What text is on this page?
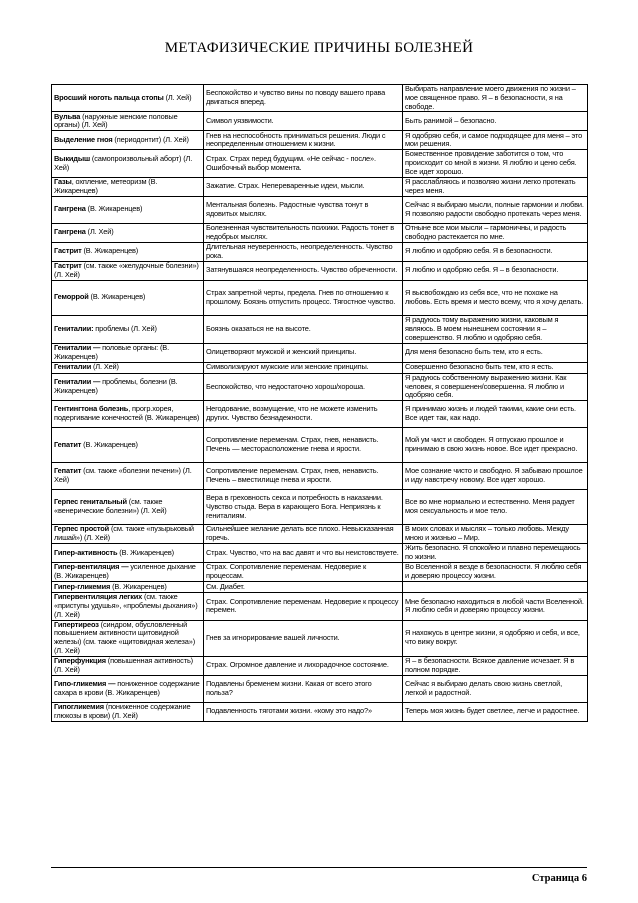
МЕТАФИЗИЧЕСКИЕ ПРИЧИНЫ БОЛЕЗНЕЙ
Вросший ноготь пальца стопы (Л. Хей)	Беспокойство и чувство вины по поводу вашего права двигаться вперед.	Выбирать направление моего движения по жизни – мое священное право. Я – в безопасности, я на свободе.
Вульва (наружные женские половые органы) (Л. Хей)	Символ уязвимости.	Быть ранимой – безопасно.
Выделение гноя (периодонтит) (Л. Хей)	Гнев на неспособность приниматься решения. Люди с неопределенным отношением к жизни.	Я одобряю себя, и самое подходящее для меня – это мои решения.
Выкидыш (самопроизвольный аборт) (Л. Хей)	Страх. Страх перед будущим. «Не сейчас - после». Ошибочный выбор момента.	Божественное провидение заботится о том, что происходит со мной в жизни. Я люблю и ценю себя. Все идет хорошо.
Газы, охпление, метеоризм (В. Жикаренцев)	Зажатие. Страх. Непереваренные идеи, мысли.	Я расслабляюсь и позволяю жизни легко протекать через меня.
Гангрена (В. Жикаренцев)	Ментальная болезнь. Радостные чувства тонут в ядовитых мыслях.	Сейчас я выбираю мысли, полные гармонии и любви. Я позволяю радости свободно протекать через меня.
Гангрена (Л. Хей)	Болезненная чувствительность психики. Радость тонет в недобрых мыслях.	Отныне все мои мысли – гармоничны, и радость свободно растекается по мне.
Гастрит (В. Жикаренцев)	Длительная неуверенность, неопределенность. Чувство рока.	Я люблю и одобряю себя. Я в безопасности.
Гастрит (см. также «желудочные болезни») (Л. Хей)	Затянувшаяся неопределенность. Чувство обреченности.	Я люблю и одобряю себя. Я – в безопасности.
Геморрой (В. Жикаренцев)	Страх запретной черты, предела. Гнев по отношению к прошлому. Боязнь отпустить процесс. Тягостное чувство.	Я высвобождаю из себя все, что не похоже на любовь. Есть время и место всему, что я хочу делать.
Гениталии: проблемы (Л. Хей)	Боязнь оказаться не на высоте.	Я радуюсь тому выражению жизни, каковым я являюсь. В моем нынешнем состоянии я – совершенство. Я люблю и одобряю себя.
Гениталии — половые органы: (В. Жикаренцев)	Олицетворяют мужской и женский принципы.	Для меня безопасно быть тем, кто я есть.
Гениталии (Л. Хей)	Символизируют мужские или женские принципы.	Совершенно безопасно быть тем, кто я есть.
Гениталии — проблемы, болезни (В. Жикаренцев)	Беспокойство, что недостаточно хорош/хороша.	Я радуюсь собственному выражению жизни. Как человек, я совершенен/совершенна. Я люблю и одобряю себя.
Гентингтона болезнь, прогр.хорея, подергивание конечностей (В. Жикаренцев)	Негодование, возмущение, что не можете изменить других. Чувство безнадежности.	Я принимаю жизнь и людей такими, какие они есть. Все идет так, как надо.
Гепатит (В. Жикаренцев)	Сопротивление переменам. Страх, гнев, ненависть. Печень — месторасположение гнева и ярости.	Мой ум чист и свободен. Я отпускаю прошлое и принимаю в свою жизнь новое. Все идет прекрасно.
Гепатит (см. также «болезни печени») (Л. Хей)	Сопротивление переменам. Страх, гнев, ненависть. Печень – вместилище гнева и ярости.	Мое сознание чисто и свободно. Я забываю прошлое и иду навстречу новому. Все идет хорошо.
Герпес генитальный (см. также «венерические болезни») (Л. Хей)	Вера в греховность секса и потребность в наказании. Чувство стыда. Вера в карающего Бога. Неприязнь к гениталиям.	Все во мне нормально и естественно. Меня радует моя сексуальность и мое тело.
Герпес простой (см. также «пузырьковый лишай») (Л. Хей)	Сильнейшее желание делать все плохо. Невысказанная горечь.	В моих словах и мыслях – только любовь. Между мною и жизнью – Мир.
Гипер-активность (В. Жикаренцев)	Страх. Чувство, что на вас давят и что вы неистовствуете.	Жить безопасно. Я спокойно и плавно перемещаюсь по жизни.
Гипер-вентиляция — усиленное дыхание (В. Жикаренцев)	Страх. Сопротивление переменам. Недоверие к процессам.	Во Вселенной я везде в безопасности. Я люблю себя и доверяю процессу жизни.
Гипер-гликемия (В. Жикаренцев)	См. Диабет.	
Гипервентиляция легких (см. также «приступы удушья», «проблемы дыхания») (Л. Хей)	Страх. Сопротивление переменам. Недоверие к процессу перемен.	Мне безопасно находиться в любой части Вселенной. Я люблю себя и доверяю процессу жизни.
Гипертиреоз (синдром, обусловленный повышением активности щитовидной железы) (см. также «щитовидная железа») (Л. Хей)	Гнев за игнорирование вашей личности.	Я нахожусь в центре жизни, я одобряю и себя, и все, что вижу вокруг.
Гиперфункция (повышенная активность) (Л. Хей)	Страх. Огромное давление и лихорадочное состояние.	Я – в безопасности. Всякое давление исчезает. Я в полном порядке.
Гипо-гликемия — пониженное содержание сахара в крови (В. Жикаренцев)	Подавлены бременем жизни. Какая от всего этого польза?	Сейчас я выбираю делать свою жизнь светлой, легкой и радостной.
Гипогликемия (пониженное содержание глюкозы в крови) (Л. Хей)	Подавленность тяготами жизни. «кому это надо?»	Теперь моя жизнь будет светлее, легче и радостнее.
Страница 6
